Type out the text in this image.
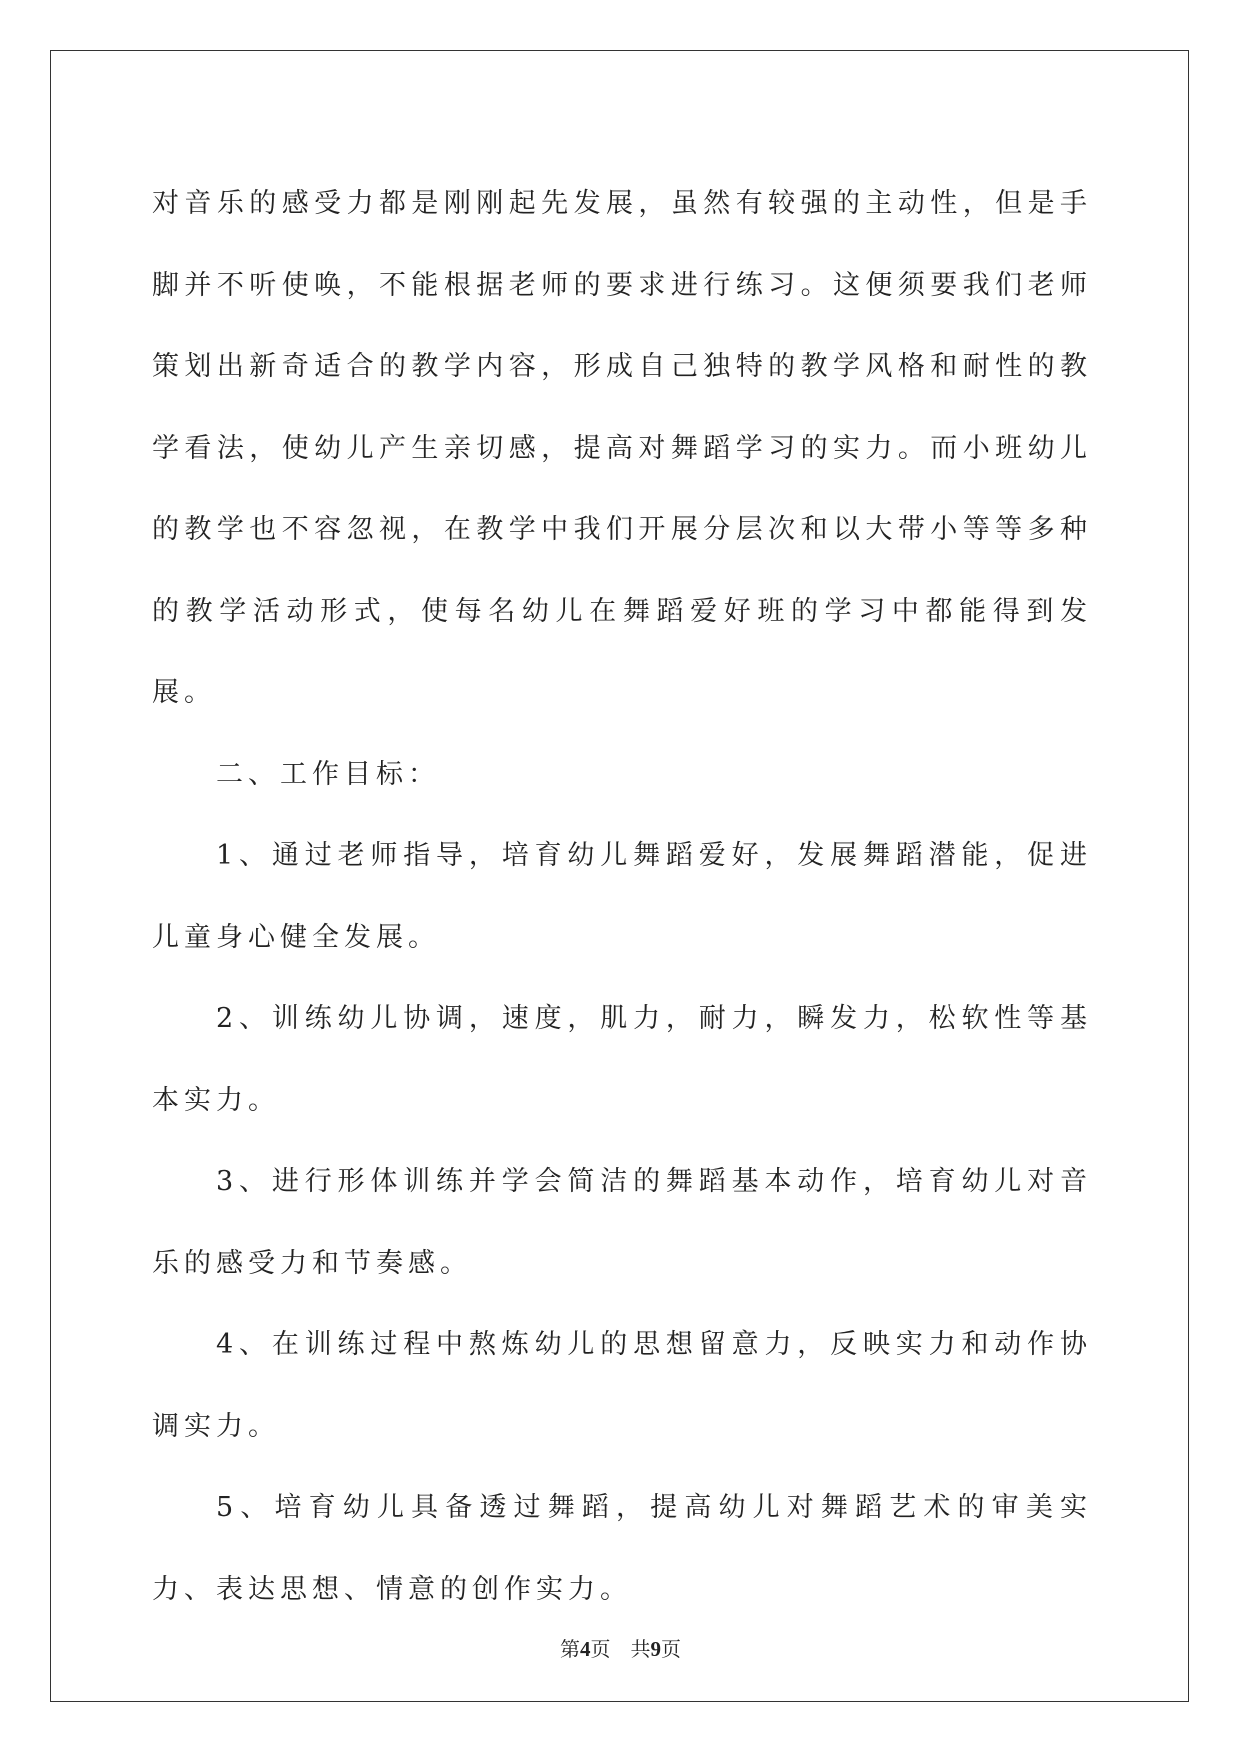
对音乐的感受力都是刚刚起先发展，虽然有较强的主动性，但是手脚并不听使唤，不能根据老师的要求进行练习。这便须要我们老师策划出新奇适合的教学内容，形成自己独特的教学风格和耐性的教学看法，使幼儿产生亲切感，提高对舞蹈学习的实力。而小班幼儿的教学也不容忽视，在教学中我们开展分层次和以大带小等等多种的教学活动形式，使每名幼儿在舞蹈爱好班的学习中都能得到发展。

二、工作目标：

1、通过老师指导，培育幼儿舞蹈爱好，发展舞蹈潜能，促进儿童身心健全发展。

2、训练幼儿协调，速度，肌力，耐力，瞬发力，松软性等基本实力。

3、进行形体训练并学会简洁的舞蹈基本动作，培育幼儿对音乐的感受力和节奏感。

4、在训练过程中熬炼幼儿的思想留意力，反映实力和动作协调实力。

5、培育幼儿具备透过舞蹈，提高幼儿对舞蹈艺术的审美实力、表达思想、情意的创作实力。

第4页 共9页
